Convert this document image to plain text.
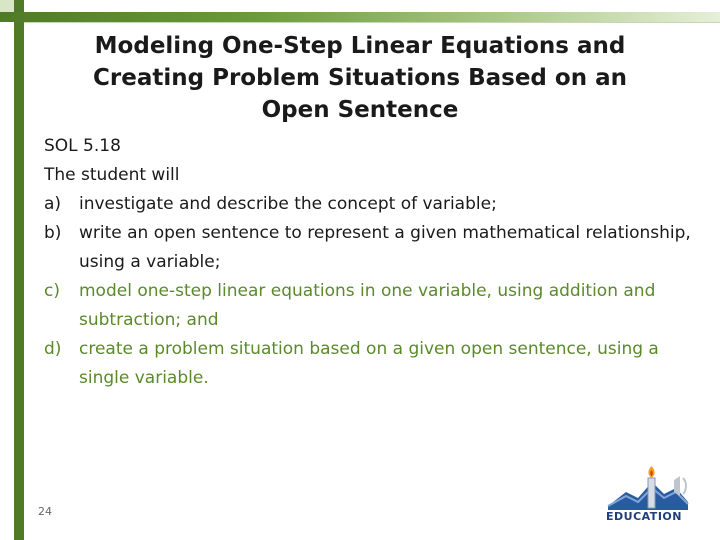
Modeling One-Step Linear Equations and Creating Problem Situations Based on an Open Sentence
SOL 5.18
The student will
a) investigate and describe the concept of variable;
b) write an open sentence to represent a given mathematical relationship, using a variable;
c) model one-step linear equations in one variable, using addition and subtraction; and
d) create a problem situation based on a given open sentence, using a single variable.
24	EDUCATION
